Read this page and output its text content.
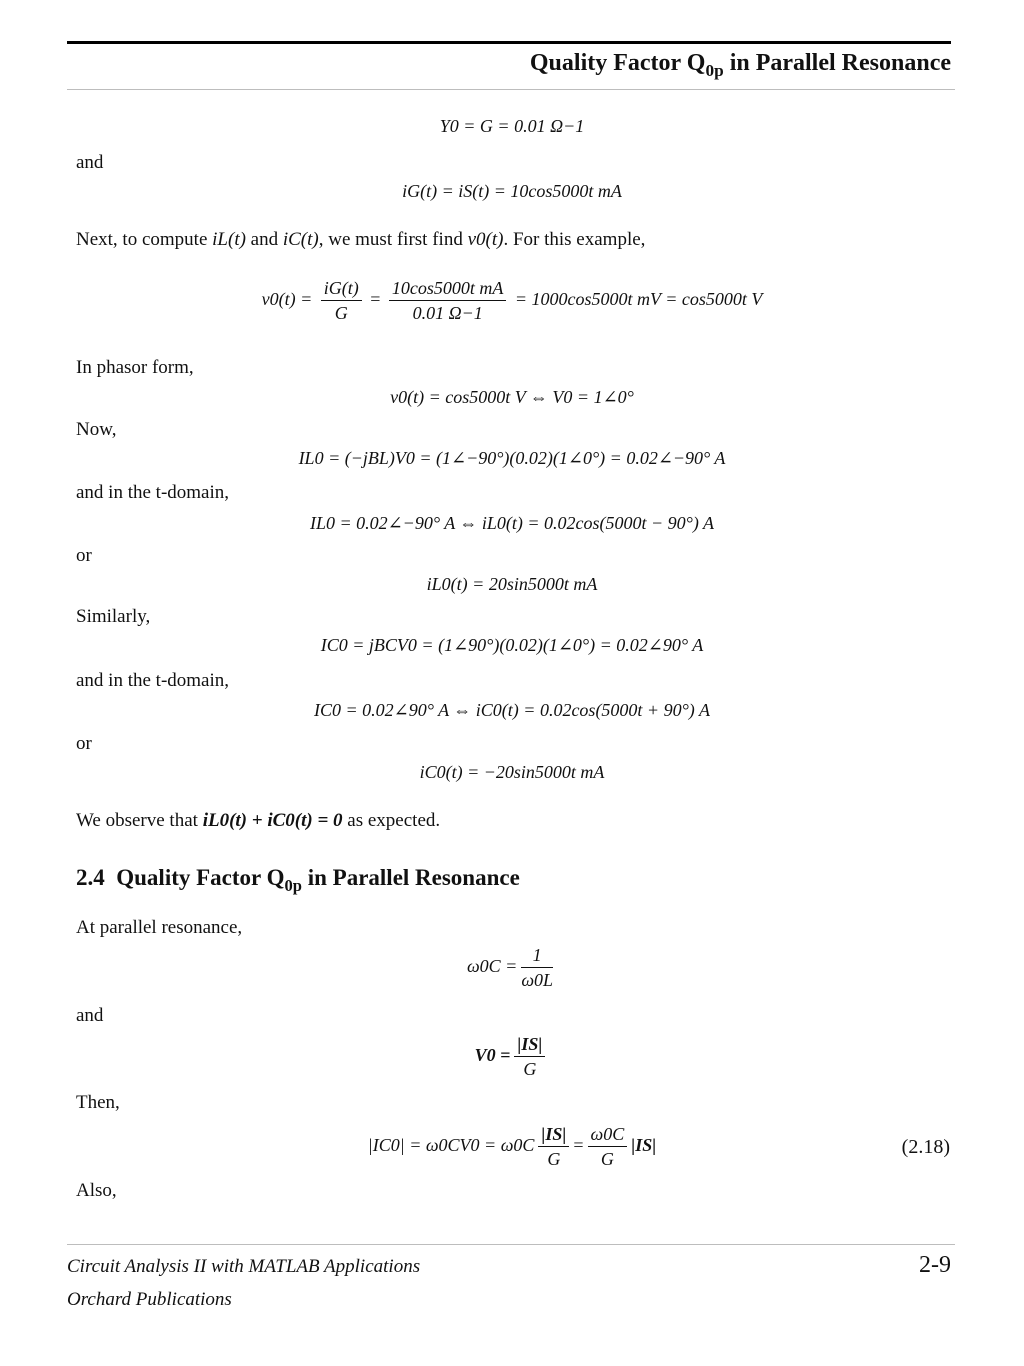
Quality Factor $Q_{0p}$ in Parallel Resonance
Y0 = G = 0.01 Ω−1
and
iG(t) = iS(t) = 10cos5000t mA
Next, to compute iL(t) and iC(t), we must first find v0(t). For this example,
$v0(t) = \frac{iG(t)}{G} = \frac{\text{10cos5000t mA}}{0.01 \Omega-1} = 1000\cos 5000t$ mV = cos5000t V
In phasor form,
v0(t) = cos5000t V ⇔ V0 = 1∠0°
Now,
IL0 = (−jBL)V0 = (1∠−90°)(0.02)(1∠0°) = 0.02∠−90° A
and in the t-domain,
IL0 = 0.02∠−90° A ⇔ iL0(t) = 0.02cos(5000t − 90°) A
or
iL0(t) = 20sin5000t mA
Similarly,
IC0 = jBCV0 = (1∠90°)(0.02)(1∠0°) = 0.02∠90° A
and in the t-domain,
IC0 = 0.02∠90° A ⇔ iC0(t) = 0.02cos(5000t + 90°) A
or
iC0(t) = −20sin5000t mA
We observe that iL0(t) + iC0(t) = 0 as expected.
2.4 Quality Factor $Q_{0p}$ in Parallel Resonance
At parallel resonance,
$\omega 0C = \frac{1}{\omega 0L}$
and
$V0 = \frac{|IS|}{G}$
Then,
$|IC0| = \omega 0CV0 = \omega 0C \frac{|IS|}{G} = \frac{\omega 0C}{G} |IS|$	(2.18)
Also,
Circuit Analysis II with MATLAB Applications
Orchard Publications
2-9
